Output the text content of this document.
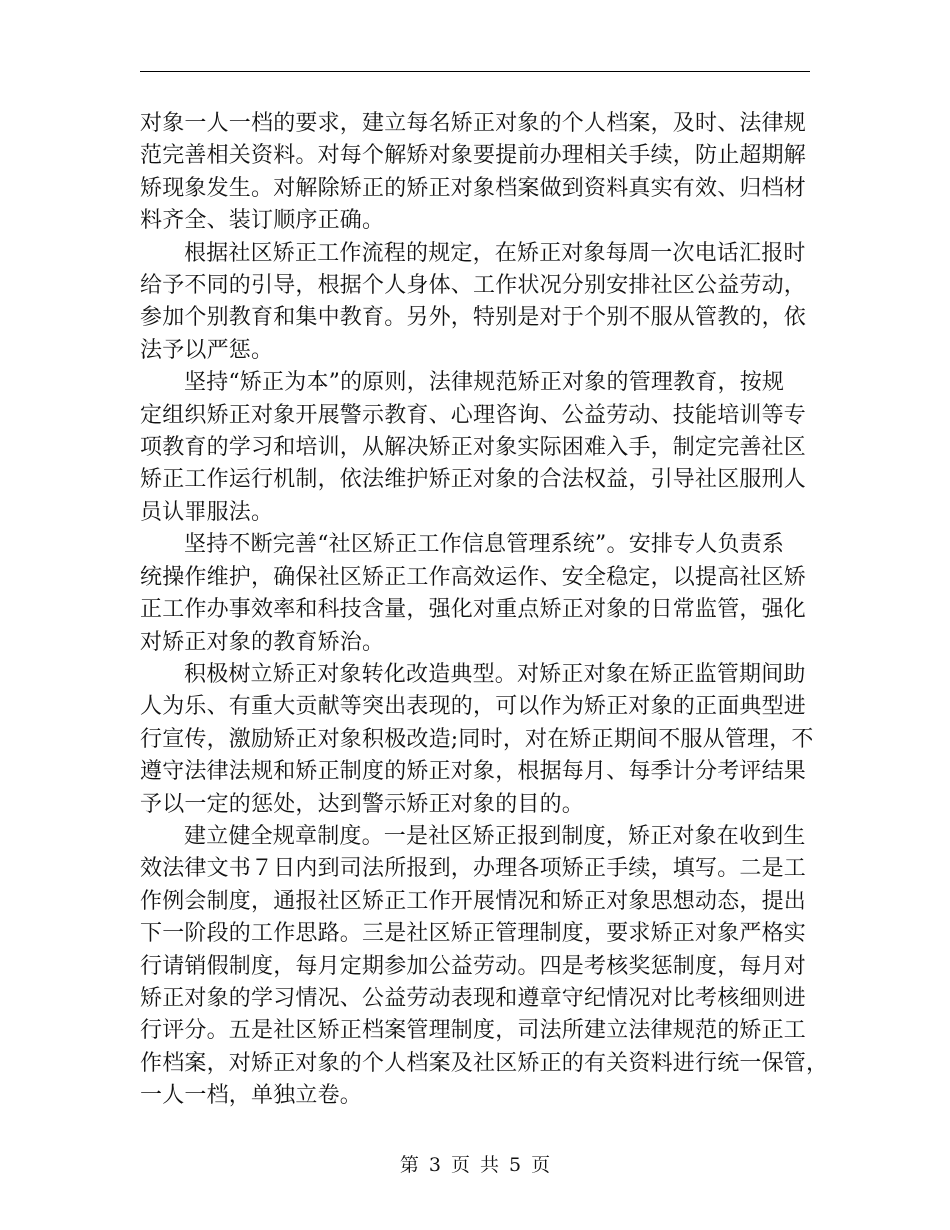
对象一人一档的要求，建立每名矫正对象的个人档案，及时、法律规
范完善相关资料。对每个解矫对象要提前办理相关手续，防止超期解
矫现象发生。对解除矫正的矫正对象档案做到资料真实有效、归档材
料齐全、装订顺序正确。

根据社区矫正工作流程的规定，在矫正对象每周一次电话汇报时
给予不同的引导，根据个人身体、工作状况分别安排社区公益劳动，
参加个别教育和集中教育。另外，特别是对于个别不服从管教的，依
法予以严惩。

坚持“矫正为本”的原则，法律规范矫正对象的管理教育，按规
定组织矫正对象开展警示教育、心理咨询、公益劳动、技能培训等专
项教育的学习和培训，从解决矫正对象实际困难入手，制定完善社区
矫正工作运行机制，依法维护矫正对象的合法权益，引导社区服刑人
员认罪服法。

坚持不断完善“社区矫正工作信息管理系统”。安排专人负责系
统操作维护，确保社区矫正工作高效运作、安全稳定，以提高社区矫
正工作办事效率和科技含量，强化对重点矫正对象的日常监管，强化
对矫正对象的教育矫治。

积极树立矫正对象转化改造典型。对矫正对象在矫正监管期间助
人为乐、有重大贡献等突出表现的，可以作为矫正对象的正面典型进
行宣传，激励矫正对象积极改造;同时，对在矫正期间不服从管理，不
遵守法律法规和矫正制度的矫正对象，根据每月、每季计分考评结果
予以一定的惩处，达到警示矫正对象的目的。

建立健全规章制度。一是社区矫正报到制度，矫正对象在收到生
效法律文书７日内到司法所报到，办理各项矫正手续，填写。二是工
作例会制度，通报社区矫正工作开展情况和矫正对象思想动态，提出
下一阶段的工作思路。三是社区矫正管理制度，要求矫正对象严格实
行请销假制度，每月定期参加公益劳动。四是考核奖惩制度，每月对
矫正对象的学习情况、公益劳动表现和遵章守纪情况对比考核细则进
行评分。五是社区矫正档案管理制度，司法所建立法律规范的矫正工
作档案，对矫正对象的个人档案及社区矫正的有关资料进行统一保管，
一人一档，单独立卷。

第 3 页 共 5 页
